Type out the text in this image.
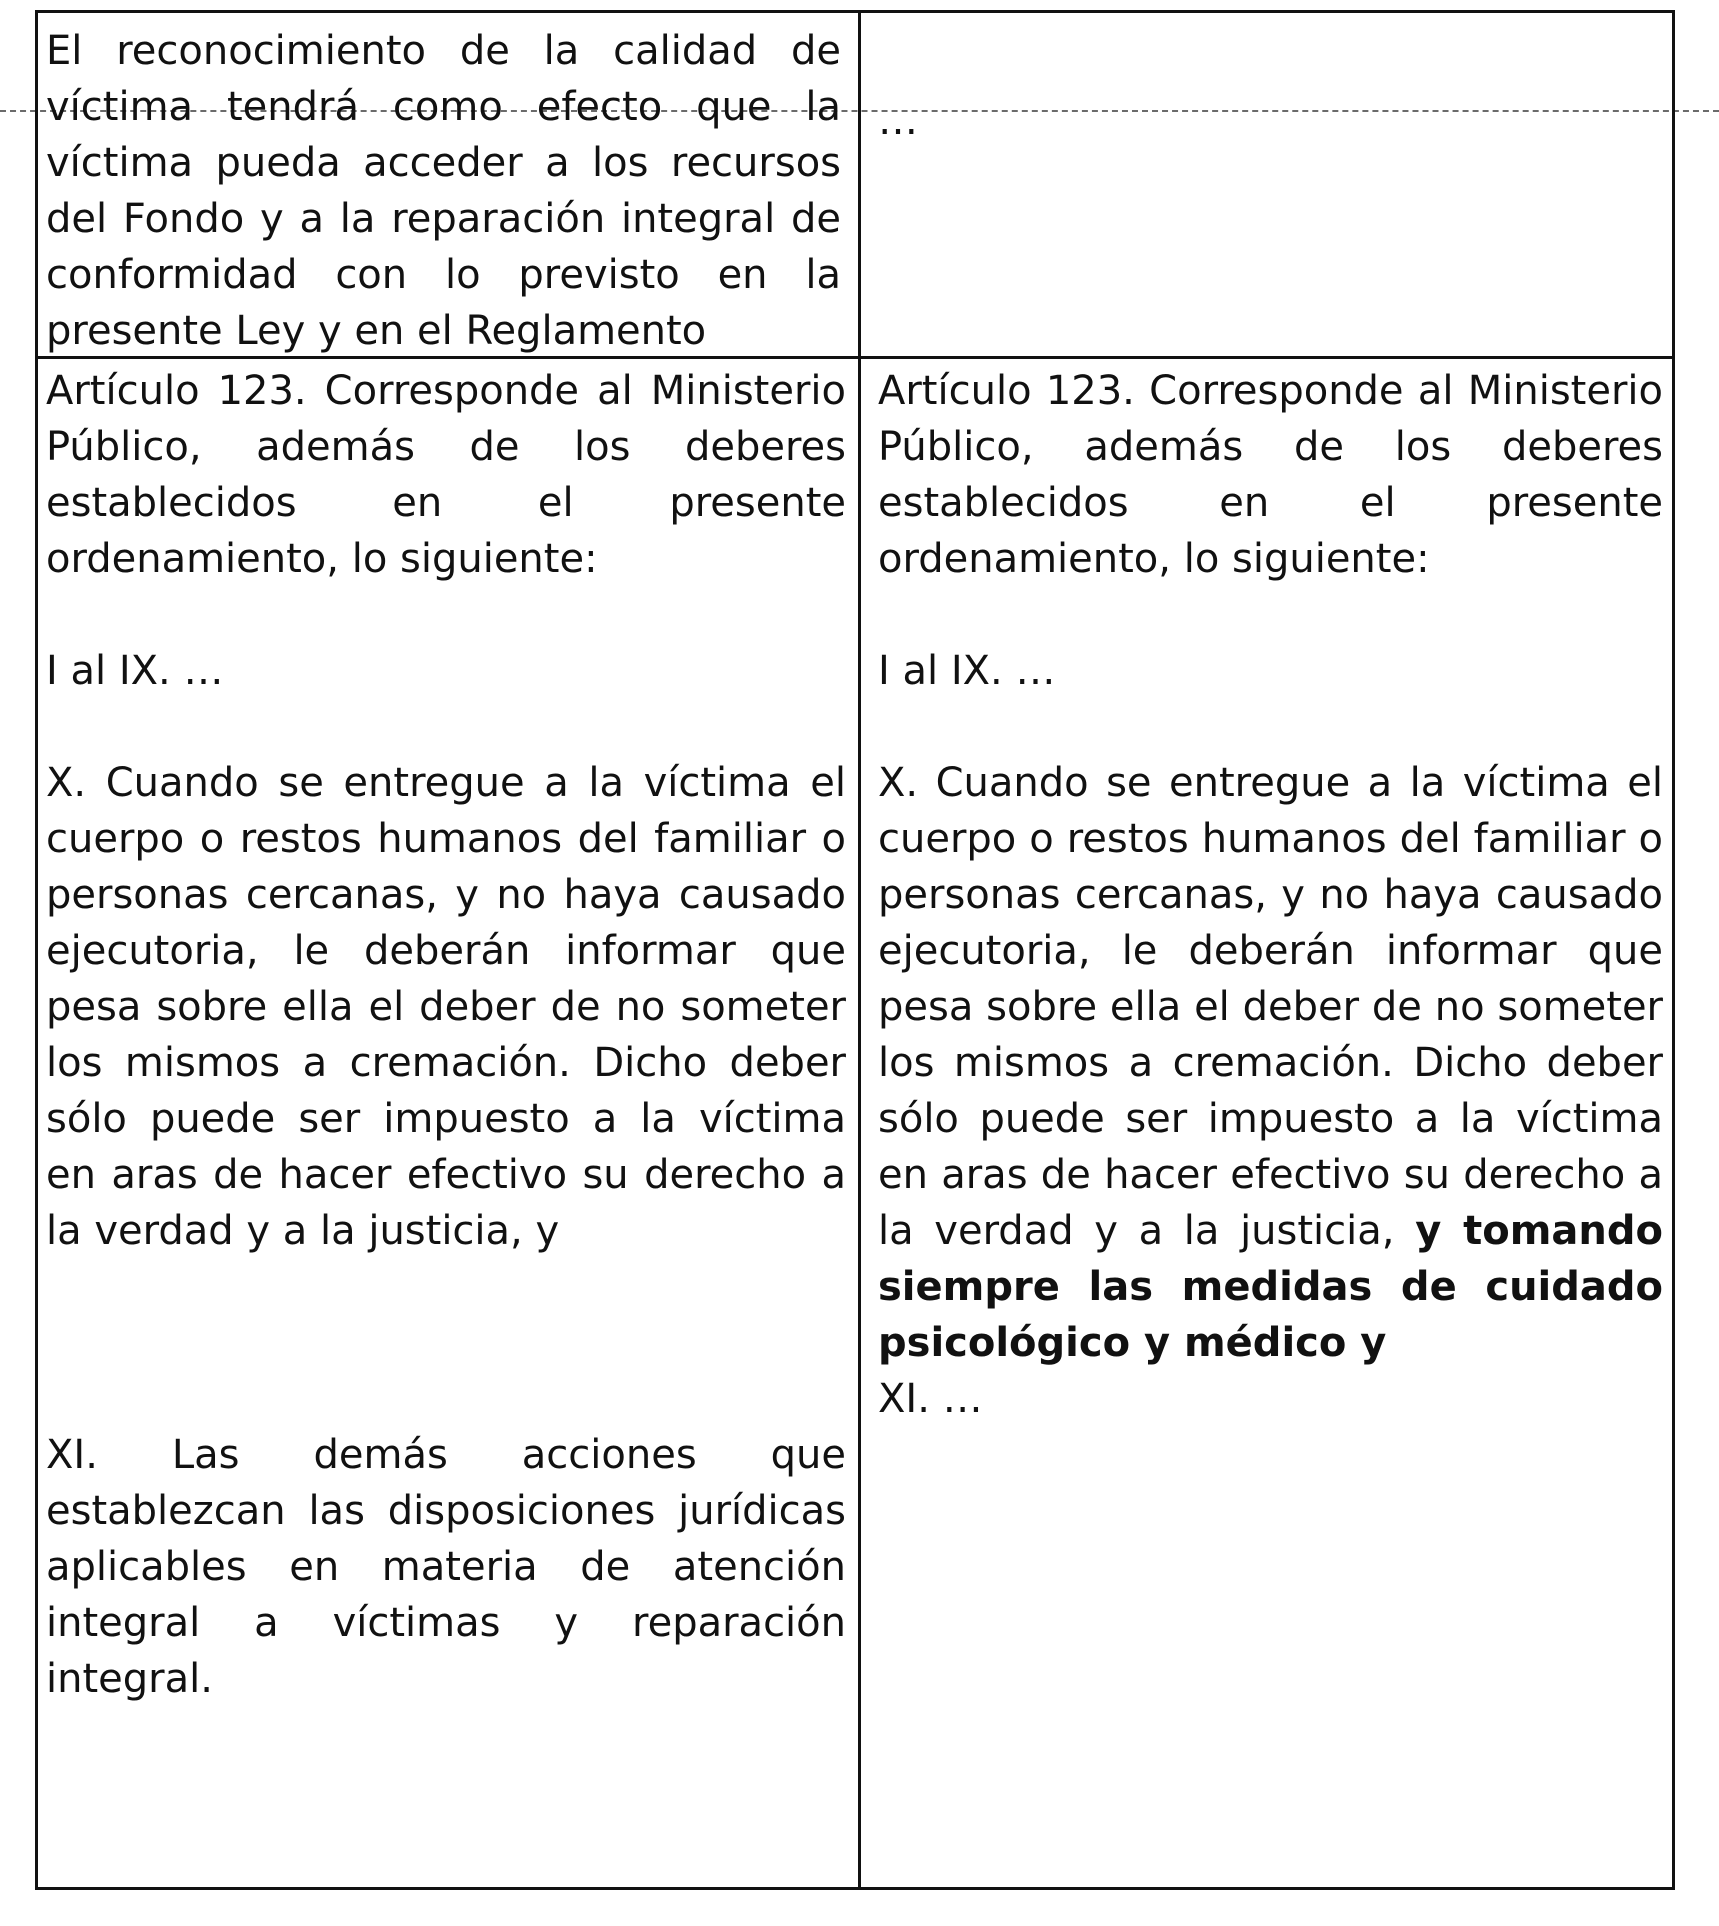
El reconocimiento de la calidad de víctima tendrá como efecto que la víctima pueda acceder a los recursos del Fondo y a la reparación integral de conformidad con lo previsto en la presente Ley y en el Reglamento

…

Artículo 123. Corresponde al Ministerio Público, además de los deberes establecidos en el presente ordenamiento, lo siguiente:

I al IX. …

X. Cuando se entregue a la víctima el cuerpo o restos humanos del familiar o personas cercanas, y no haya causado ejecutoria, le deberán informar que pesa sobre ella el deber de no someter los mismos a cremación. Dicho deber sólo puede ser impuesto a la víctima en aras de hacer efectivo su derecho a la verdad y a la justicia, y

XI. Las demás acciones que establezcan las disposiciones jurídicas aplicables en materia de atención integral a víctimas y reparación integral.

Artículo 123. Corresponde al Ministerio Público, además de los deberes establecidos en el presente ordenamiento, lo siguiente:

I al IX. …

X. Cuando se entregue a la víctima el cuerpo o restos humanos del familiar o personas cercanas, y no haya causado ejecutoria, le deberán informar que pesa sobre ella el deber de no someter los mismos a cremación. Dicho deber sólo puede ser impuesto a la víctima en aras de hacer efectivo su derecho a la verdad y a la justicia, y tomando siempre las medidas de cuidado psicológico y médico y

XI. …
